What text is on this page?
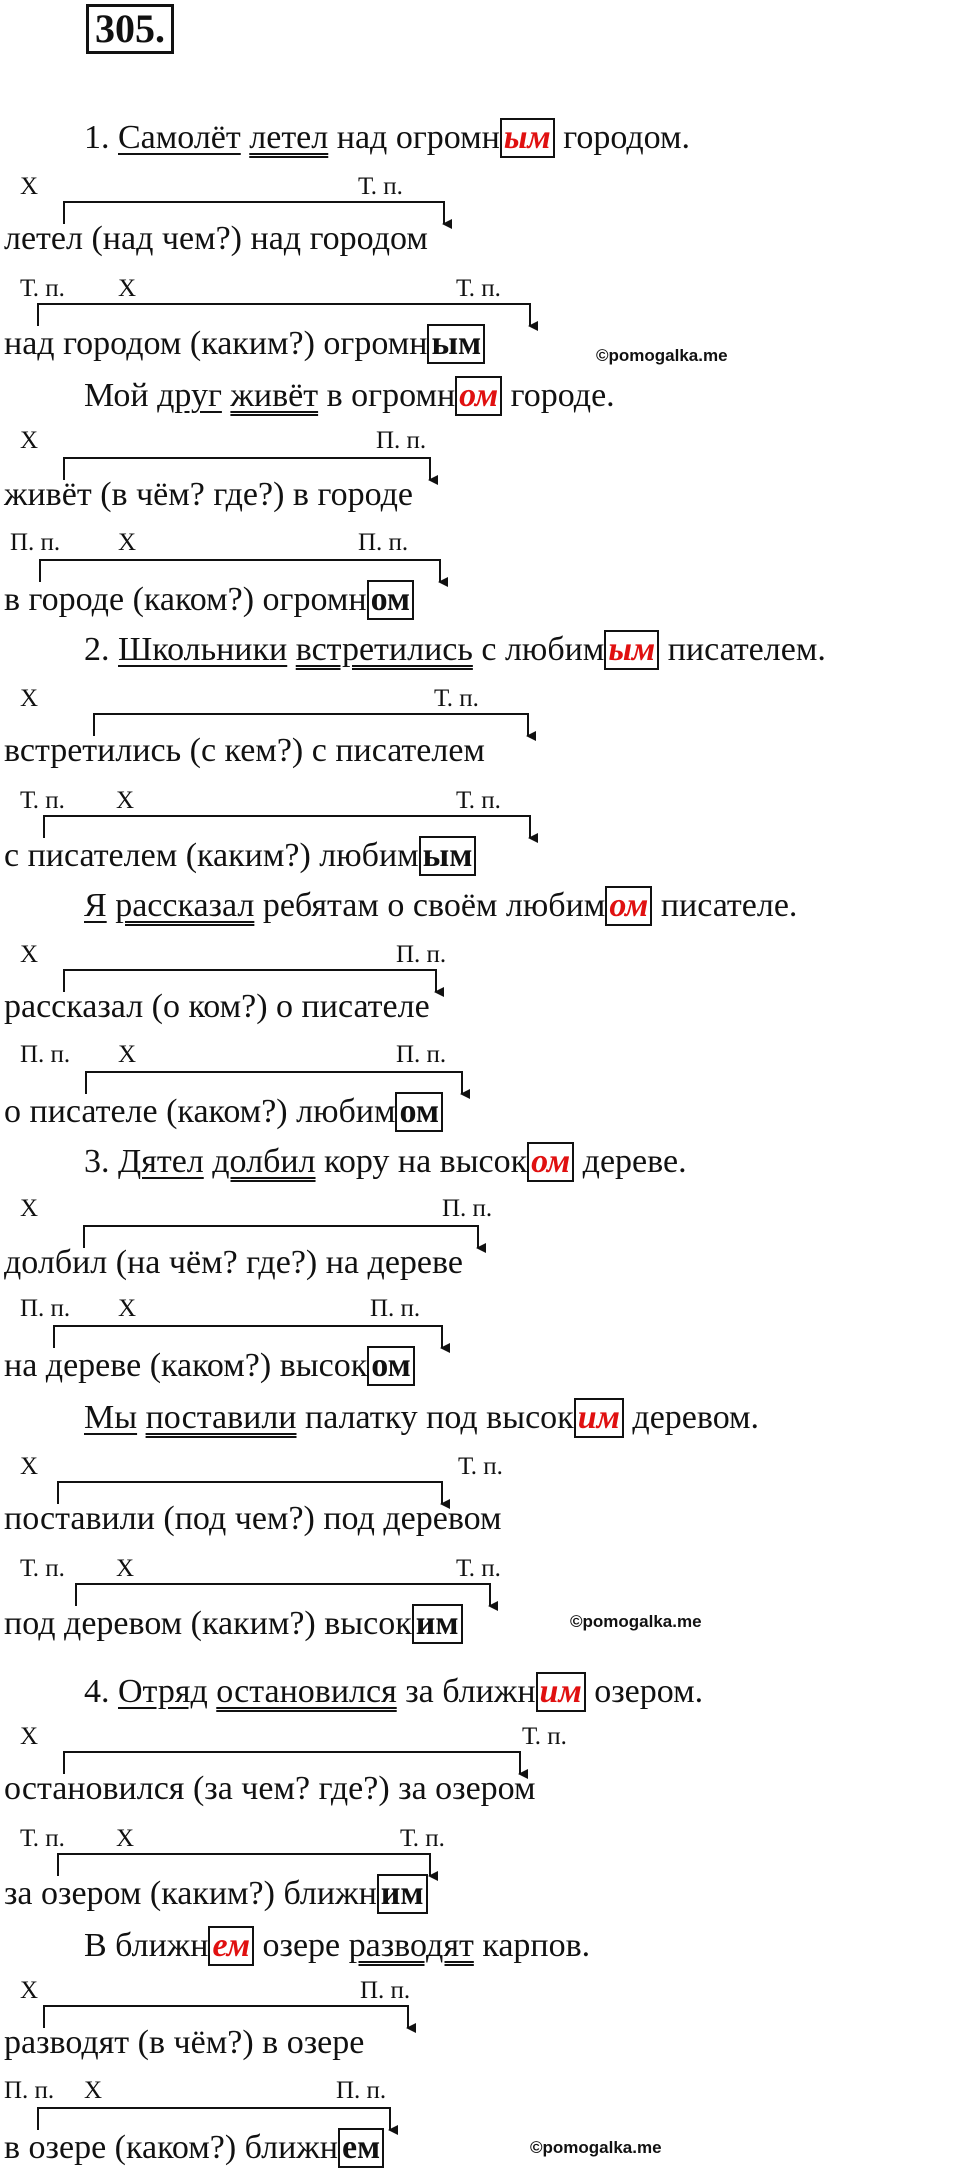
305.
1. Самолёт летел над огромн ым городом.
Х	Т. п.
летел (над чем?) над городом
Т. п. Х	Т. п.
над городом (каким?) огромн ым	©pomogalka.me
Мой друг живёт в огромн ом городе.
Х	П. п.
живёт (в чём? где?) в городе
П. п. Х	П. п.
в городе (каком?) огромн ом
2. Школьники встретились с любим ым писателем.
Х	Т. п.
встретились (с кем?) с писателем
Т. п. Х	Т. п.
с писателем (каким?) любим ым
Я рассказал ребятам о своём любим ом писателе.
Х	П. п.
рассказал (о ком?) о писателе
П. п. Х	П. п.
о писателе (каком?) любим ом
3. Дятел долбил кору на высок ом дереве.
Х	П. п.
долбил (на чём? где?) на дереве
П. п. Х	П. п.
на дереве (каком?) высок ом
Мы поставили палатку под высок им деревом.
Х	Т. п.
поставили (под чем?) под деревом
Т. п. Х	Т. п.
под деревом (каким?) высок им	©pomogalka.me
4. Отряд остановился за ближн им озером.
Х	Т. п.
остановился (за чем? где?) за озером
Т. п. Х	Т. п.
за озером (каким?) ближн им
В ближн ем озере разводят карпов.
Х	П. п.
разводят (в чём?) в озере
П. п. Х	П. п.
в озере (каком?) ближн ем	©pomogalka.me
